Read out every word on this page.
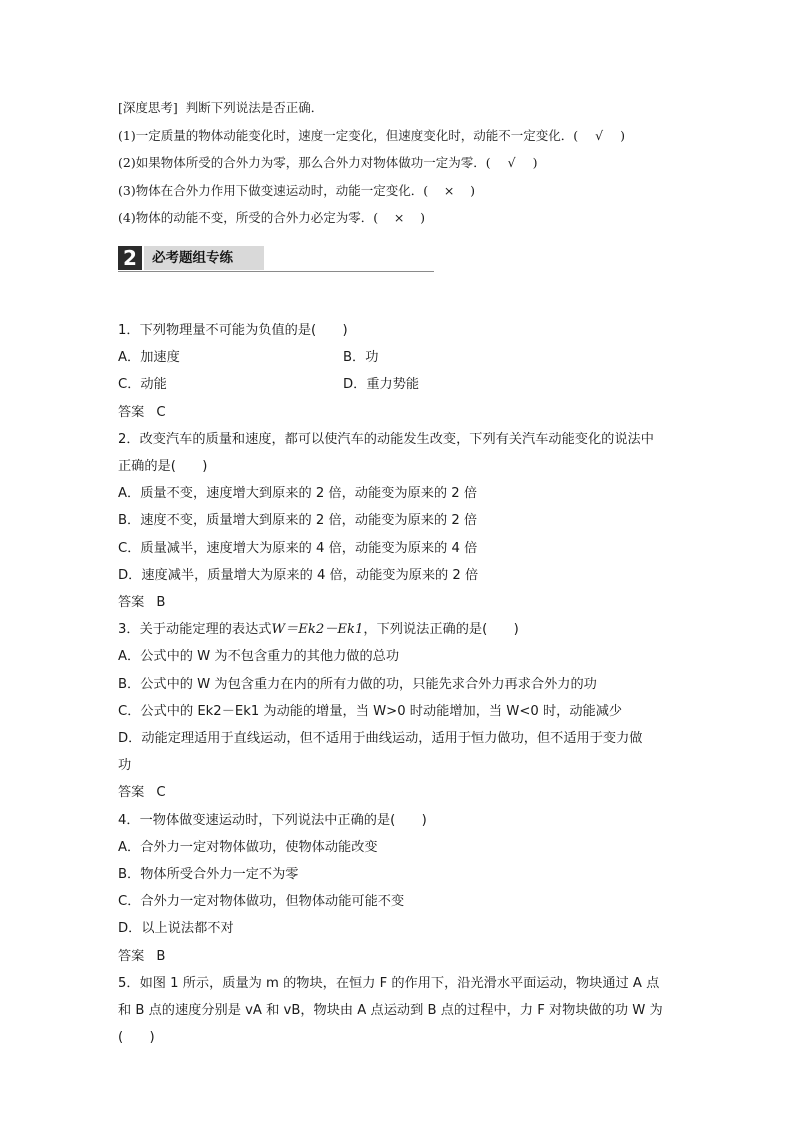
[深度思考] 判断下列说法是否正确．
(1)一定质量的物体动能变化时，速度一定变化，但速度变化时，动能不一定变化．( √ )
(2)如果物体所受的合外力为零，那么合外力对物体做功一定为零．( √ )
(3)物体在合外力作用下做变速运动时，动能一定变化．( × )
(4)物体的动能不变，所受的合外力必定为零．( × )
2	必考题组专练

1．下列物理量不可能为负值的是(　　)

A．加速度	B．功

C．动能	D．重力势能

答案 C

2．改变汽车的质量和速度，都可以使汽车的动能发生改变，下列有关汽车动能变化的说法中

正确的是(　　)

A．质量不变，速度增大到原来的 2 倍，动能变为原来的 2 倍

B．速度不变，质量增大到原来的 2 倍，动能变为原来的 2 倍

C．质量减半，速度增大为原来的 4 倍，动能变为原来的 4 倍

D．速度减半，质量增大为原来的 4 倍，动能变为原来的 2 倍

答案 B

3．关于动能定理的表达式W＝Ek2－Ek1，下列说法正确的是(　　)

A．公式中的 W 为不包含重力的其他力做的总功

B．公式中的 W 为包含重力在内的所有力做的功，只能先求合外力再求合外力的功

C．公式中的 Ek2－Ek1 为动能的增量，当 W>0 时动能增加，当 W<0 时，动能减少

D．动能定理适用于直线运动，但不适用于曲线运动，适用于恒力做功，但不适用于变力做

功

答案 C

4．一物体做变速运动时，下列说法中正确的是(　　)

A．合外力一定对物体做功，使物体动能改变

B．物体所受合外力一定不为零

C．合外力一定对物体做功，但物体动能可能不变

D．以上说法都不对

答案 B

5．如图 1 所示，质量为 m 的物块，在恒力 F 的作用下，沿光滑水平面运动，物块通过 A 点

和 B 点的速度分别是 vA 和 vB，物块由 A 点运动到 B 点的过程中，力 F 对物块做的功 W 为(　　)
